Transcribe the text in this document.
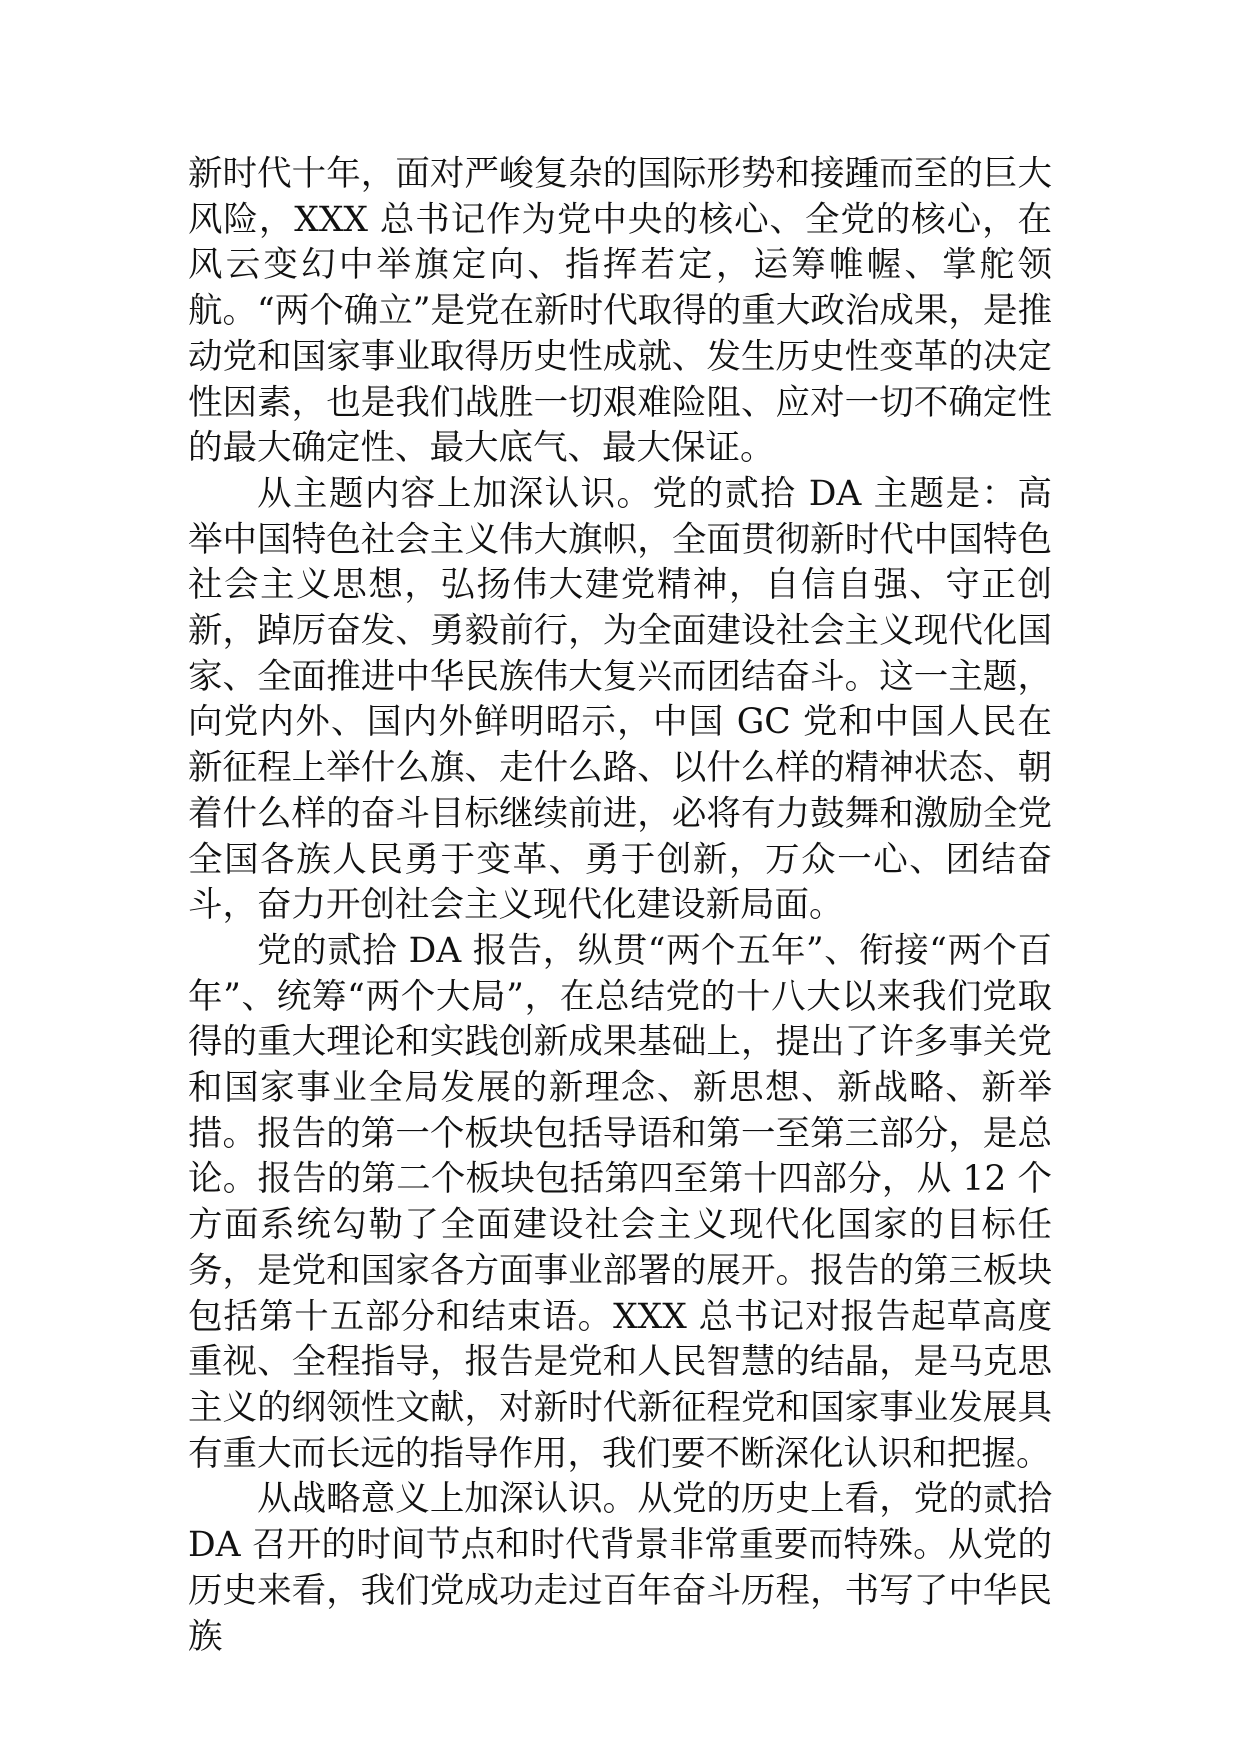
新时代十年，面对严峻复杂的国际形势和接踵而至的巨大风险，XXX 总书记作为党中央的核心、全党的核心，在风云变幻中举旗定向、指挥若定，运筹帷幄、掌舵领航。“两个确立”是党在新时代取得的重大政治成果，是推动党和国家事业取得历史性成就、发生历史性变革的决定性因素，也是我们战胜一切艰难险阻、应对一切不确定性的最大确定性、最大底气、最大保证。

从主题内容上加深认识。党的贰拾 DA 主题是：高举中国特色社会主义伟大旗帜，全面贯彻新时代中国特色社会主义思想，弘扬伟大建党精神，自信自强、守正创新，踔厉奋发、勇毅前行，为全面建设社会主义现代化国家、全面推进中华民族伟大复兴而团结奋斗。这一主题，向党内外、国内外鲜明昭示，中国 GC 党和中国人民在新征程上举什么旗、走什么路、以什么样的精神状态、朝着什么样的奋斗目标继续前进，必将有力鼓舞和激励全党全国各族人民勇于变革、勇于创新，万众一心、团结奋斗，奋力开创社会主义现代化建设新局面。

党的贰拾 DA 报告，纵贯“两个五年”、衔接“两个百年”、统筹“两个大局”，在总结党的十八大以来我们党取得的重大理论和实践创新成果基础上，提出了许多事关党和国家事业全局发展的新理念、新思想、新战略、新举措。报告的第一个板块包括导语和第一至第三部分，是总论。报告的第二个板块包括第四至第十四部分，从 12 个方面系统勾勒了全面建设社会主义现代化国家的目标任务，是党和国家各方面事业部署的展开。报告的第三板块包括第十五部分和结束语。XXX 总书记对报告起草高度重视、全程指导，报告是党和人民智慧的结晶，是马克思主义的纲领性文献，对新时代新征程党和国家事业发展具有重大而长远的指导作用，我们要不断深化认识和把握。

从战略意义上加深认识。从党的历史上看，党的贰拾 DA 召开的时间节点和时代背景非常重要而特殊。从党的历史来看，我们党成功走过百年奋斗历程，书写了中华民族
